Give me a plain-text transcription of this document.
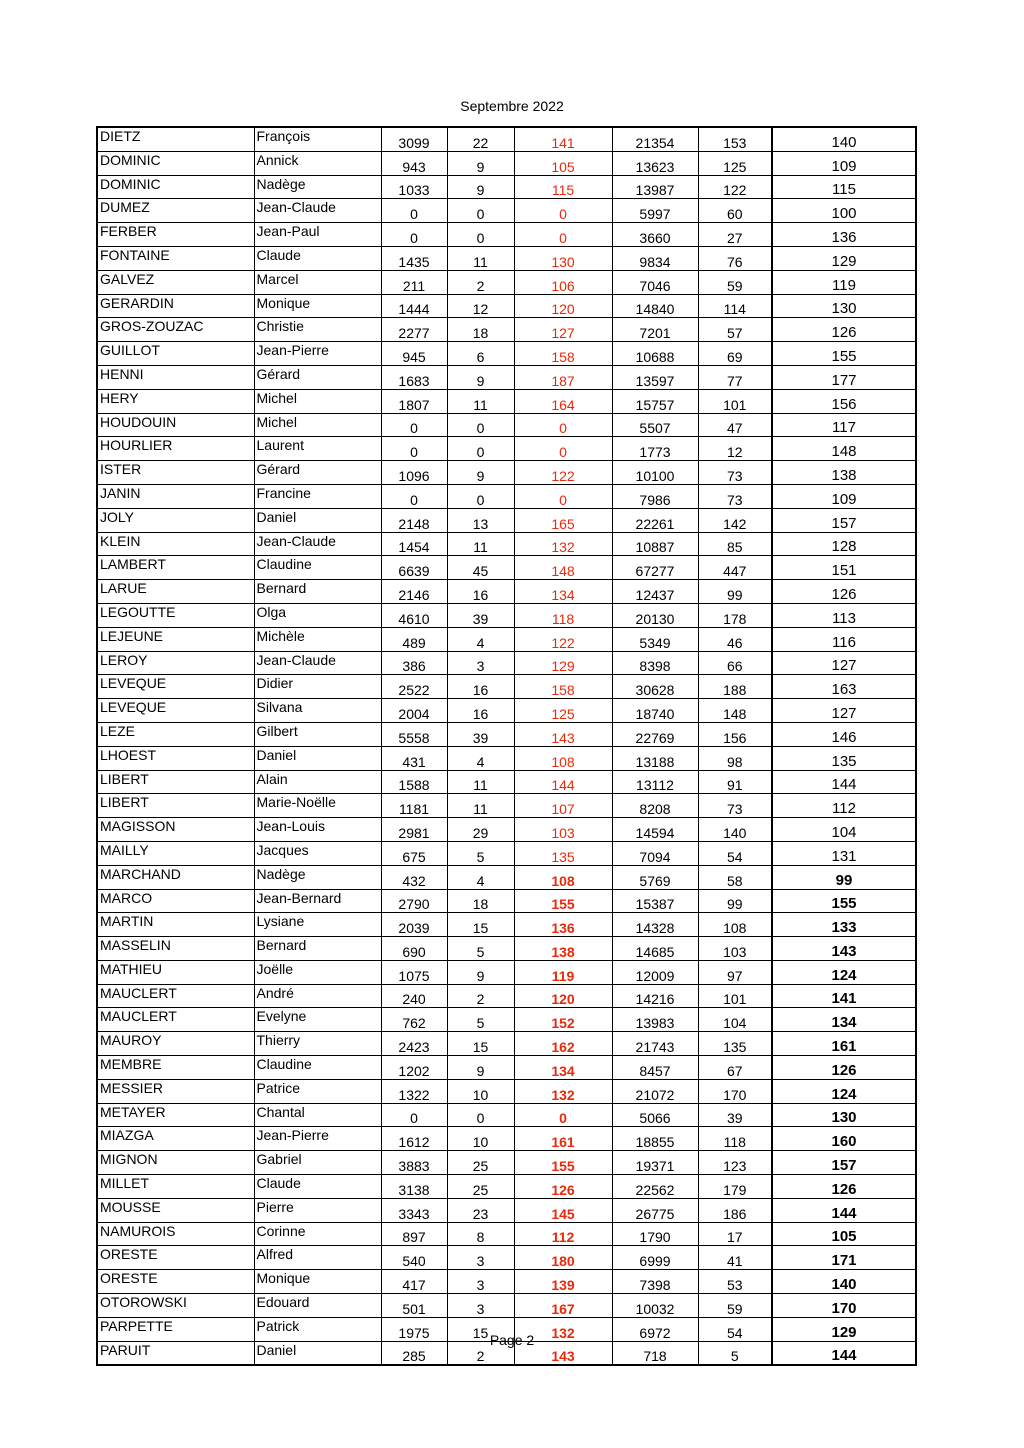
Septembre 2022
DIETZ	François	3099	22	141	21354	153	140
DOMINIC	Annick	943	9	105	13623	125	109
DOMINIC	Nadège	1033	9	115	13987	122	115
DUMEZ	Jean-Claude	0	0	0	5997	60	100
FERBER	Jean-Paul	0	0	0	3660	27	136
FONTAINE	Claude	1435	11	130	9834	76	129
GALVEZ	Marcel	211	2	106	7046	59	119
GERARDIN	Monique	1444	12	120	14840	114	130
GROS-ZOUZAC	Christie	2277	18	127	7201	57	126
GUILLOT	Jean-Pierre	945	6	158	10688	69	155
HENNI	Gérard	1683	9	187	13597	77	177
HERY	Michel	1807	11	164	15757	101	156
HOUDOUIN	Michel	0	0	0	5507	47	117
HOURLIER	Laurent	0	0	0	1773	12	148
ISTER	Gérard	1096	9	122	10100	73	138
JANIN	Francine	0	0	0	7986	73	109
JOLY	Daniel	2148	13	165	22261	142	157
KLEIN	Jean-Claude	1454	11	132	10887	85	128
LAMBERT	Claudine	6639	45	148	67277	447	151
LARUE	Bernard	2146	16	134	12437	99	126
LEGOUTTE	Olga	4610	39	118	20130	178	113
LEJEUNE	Michèle	489	4	122	5349	46	116
LEROY	Jean-Claude	386	3	129	8398	66	127
LEVEQUE	Didier	2522	16	158	30628	188	163
LEVEQUE	Silvana	2004	16	125	18740	148	127
LEZE	Gilbert	5558	39	143	22769	156	146
LHOEST	Daniel	431	4	108	13188	98	135
LIBERT	Alain	1588	11	144	13112	91	144
LIBERT	Marie-Noëlle	1181	11	107	8208	73	112
MAGISSON	Jean-Louis	2981	29	103	14594	140	104
MAILLY	Jacques	675	5	135	7094	54	131
MARCHAND	Nadège	432	4	108	5769	58	99
MARCO	Jean-Bernard	2790	18	155	15387	99	155
MARTIN	Lysiane	2039	15	136	14328	108	133
MASSELIN	Bernard	690	5	138	14685	103	143
MATHIEU	Joëlle	1075	9	119	12009	97	124
MAUCLERT	André	240	2	120	14216	101	141
MAUCLERT	Evelyne	762	5	152	13983	104	134
MAUROY	Thierry	2423	15	162	21743	135	161
MEMBRE	Claudine	1202	9	134	8457	67	126
MESSIER	Patrice	1322	10	132	21072	170	124
METAYER	Chantal	0	0	0	5066	39	130
MIAZGA	Jean-Pierre	1612	10	161	18855	118	160
MIGNON	Gabriel	3883	25	155	19371	123	157
MILLET	Claude	3138	25	126	22562	179	126
MOUSSE	Pierre	3343	23	145	26775	186	144
NAMUROIS	Corinne	897	8	112	1790	17	105
ORESTE	Alfred	540	3	180	6999	41	171
ORESTE	Monique	417	3	139	7398	53	140
OTOROWSKI	Edouard	501	3	167	10032	59	170
PARPETTE	Patrick	1975	15	132	6972	54	129
PARUIT	Daniel	285	2	143	718	5	144
Page 2
